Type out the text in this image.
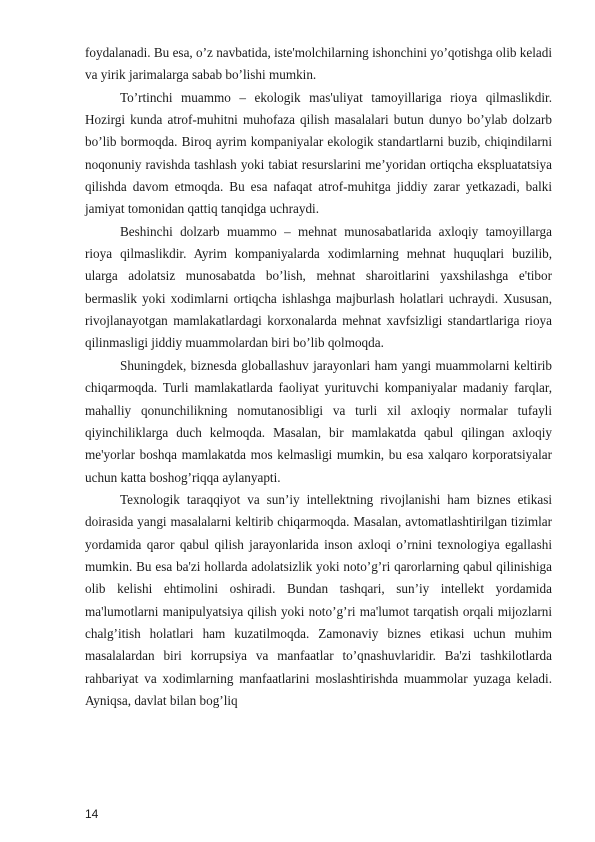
foydalanadi. Bu esa, o’z navbatida, iste'molchilarning ishonchini yo’qotishga olib keladi va yirik jarimalarga sabab bo’lishi mumkin.

To’rtinchi muammo – ekologik mas'uliyat tamoyillariga rioya qilmaslikdir. Hozirgi kunda atrof-muhitni muhofaza qilish masalalari butun dunyo bo’ylab dolzarb bo’lib bormoqda. Biroq ayrim kompaniyalar ekologik standartlarni buzib, chiqindilarni noqonuniy ravishda tashlash yoki tabiat resurslarini me’yoridan ortiqcha ekspluatatsiya qilishda davom etmoqda. Bu esa nafaqat atrof-muhitga jiddiy zarar yetkazadi, balki jamiyat tomonidan qattiq tanqidga uchraydi.

Beshinchi dolzarb muammo – mehnat munosabatlarida axloqiy tamoyillarga rioya qilmaslikdir. Ayrim kompaniyalarda xodimlarning mehnat huquqlari buzilib, ularga adolatsiz munosabatda bo’lish, mehnat sharoitlarini yaxshilashga e'tibor bermaslik yoki xodimlarni ortiqcha ishlashga majburlash holatlari uchraydi. Xususan, rivojlanayotgan mamlakatlardagi korxonalarda mehnat xavfsizligi standartlariga rioya qilinmasligi jiddiy muammolardan biri bo’lib qolmoqda.

Shuningdek, biznesda globallashuv jarayonlari ham yangi muammolarni keltirib chiqarmoqda. Turli mamlakatlarda faoliyat yurituvchi kompaniyalar madaniy farqlar, mahalliy qonunchilikning nomutanosibligi va turli xil axloqiy normalar tufayli qiyinchiliklarga duch kelmoqda. Masalan, bir mamlakatda qabul qilingan axloqiy me'yorlar boshqa mamlakatda mos kelmasligi mumkin, bu esa xalqaro korporatsiyalar uchun katta boshog’riqqa aylanyapti.

Texnologik taraqqiyot va sun’iy intellektning rivojlanishi ham biznes etikasi doirasida yangi masalalarni keltirib chiqarmoqda. Masalan, avtomatlashtirilgan tizimlar yordamida qaror qabul qilish jarayonlarida inson axloqi o’rnini texnologiya egallashi mumkin. Bu esa ba'zi hollarda adolatsizlik yoki noto’g’ri qarorlarning qabul qilinishiga olib kelishi ehtimolini oshiradi. Bundan tashqari, sun’iy intellekt yordamida ma'lumotlarni manipulyatsiya qilish yoki noto’g’ri ma'lumot tarqatish orqali mijozlarni chalg’itish holatlari ham kuzatilmoqda. Zamonaviy biznes etikasi uchun muhim masalalardan biri korrupsiya va manfaatlar to’qnashuvlaridir. Ba'zi tashkilotlarda rahbariyat va xodimlarning manfaatlarini moslashtirishda muammolar yuzaga keladi. Ayniqsa, davlat bilan bog’liq

14
